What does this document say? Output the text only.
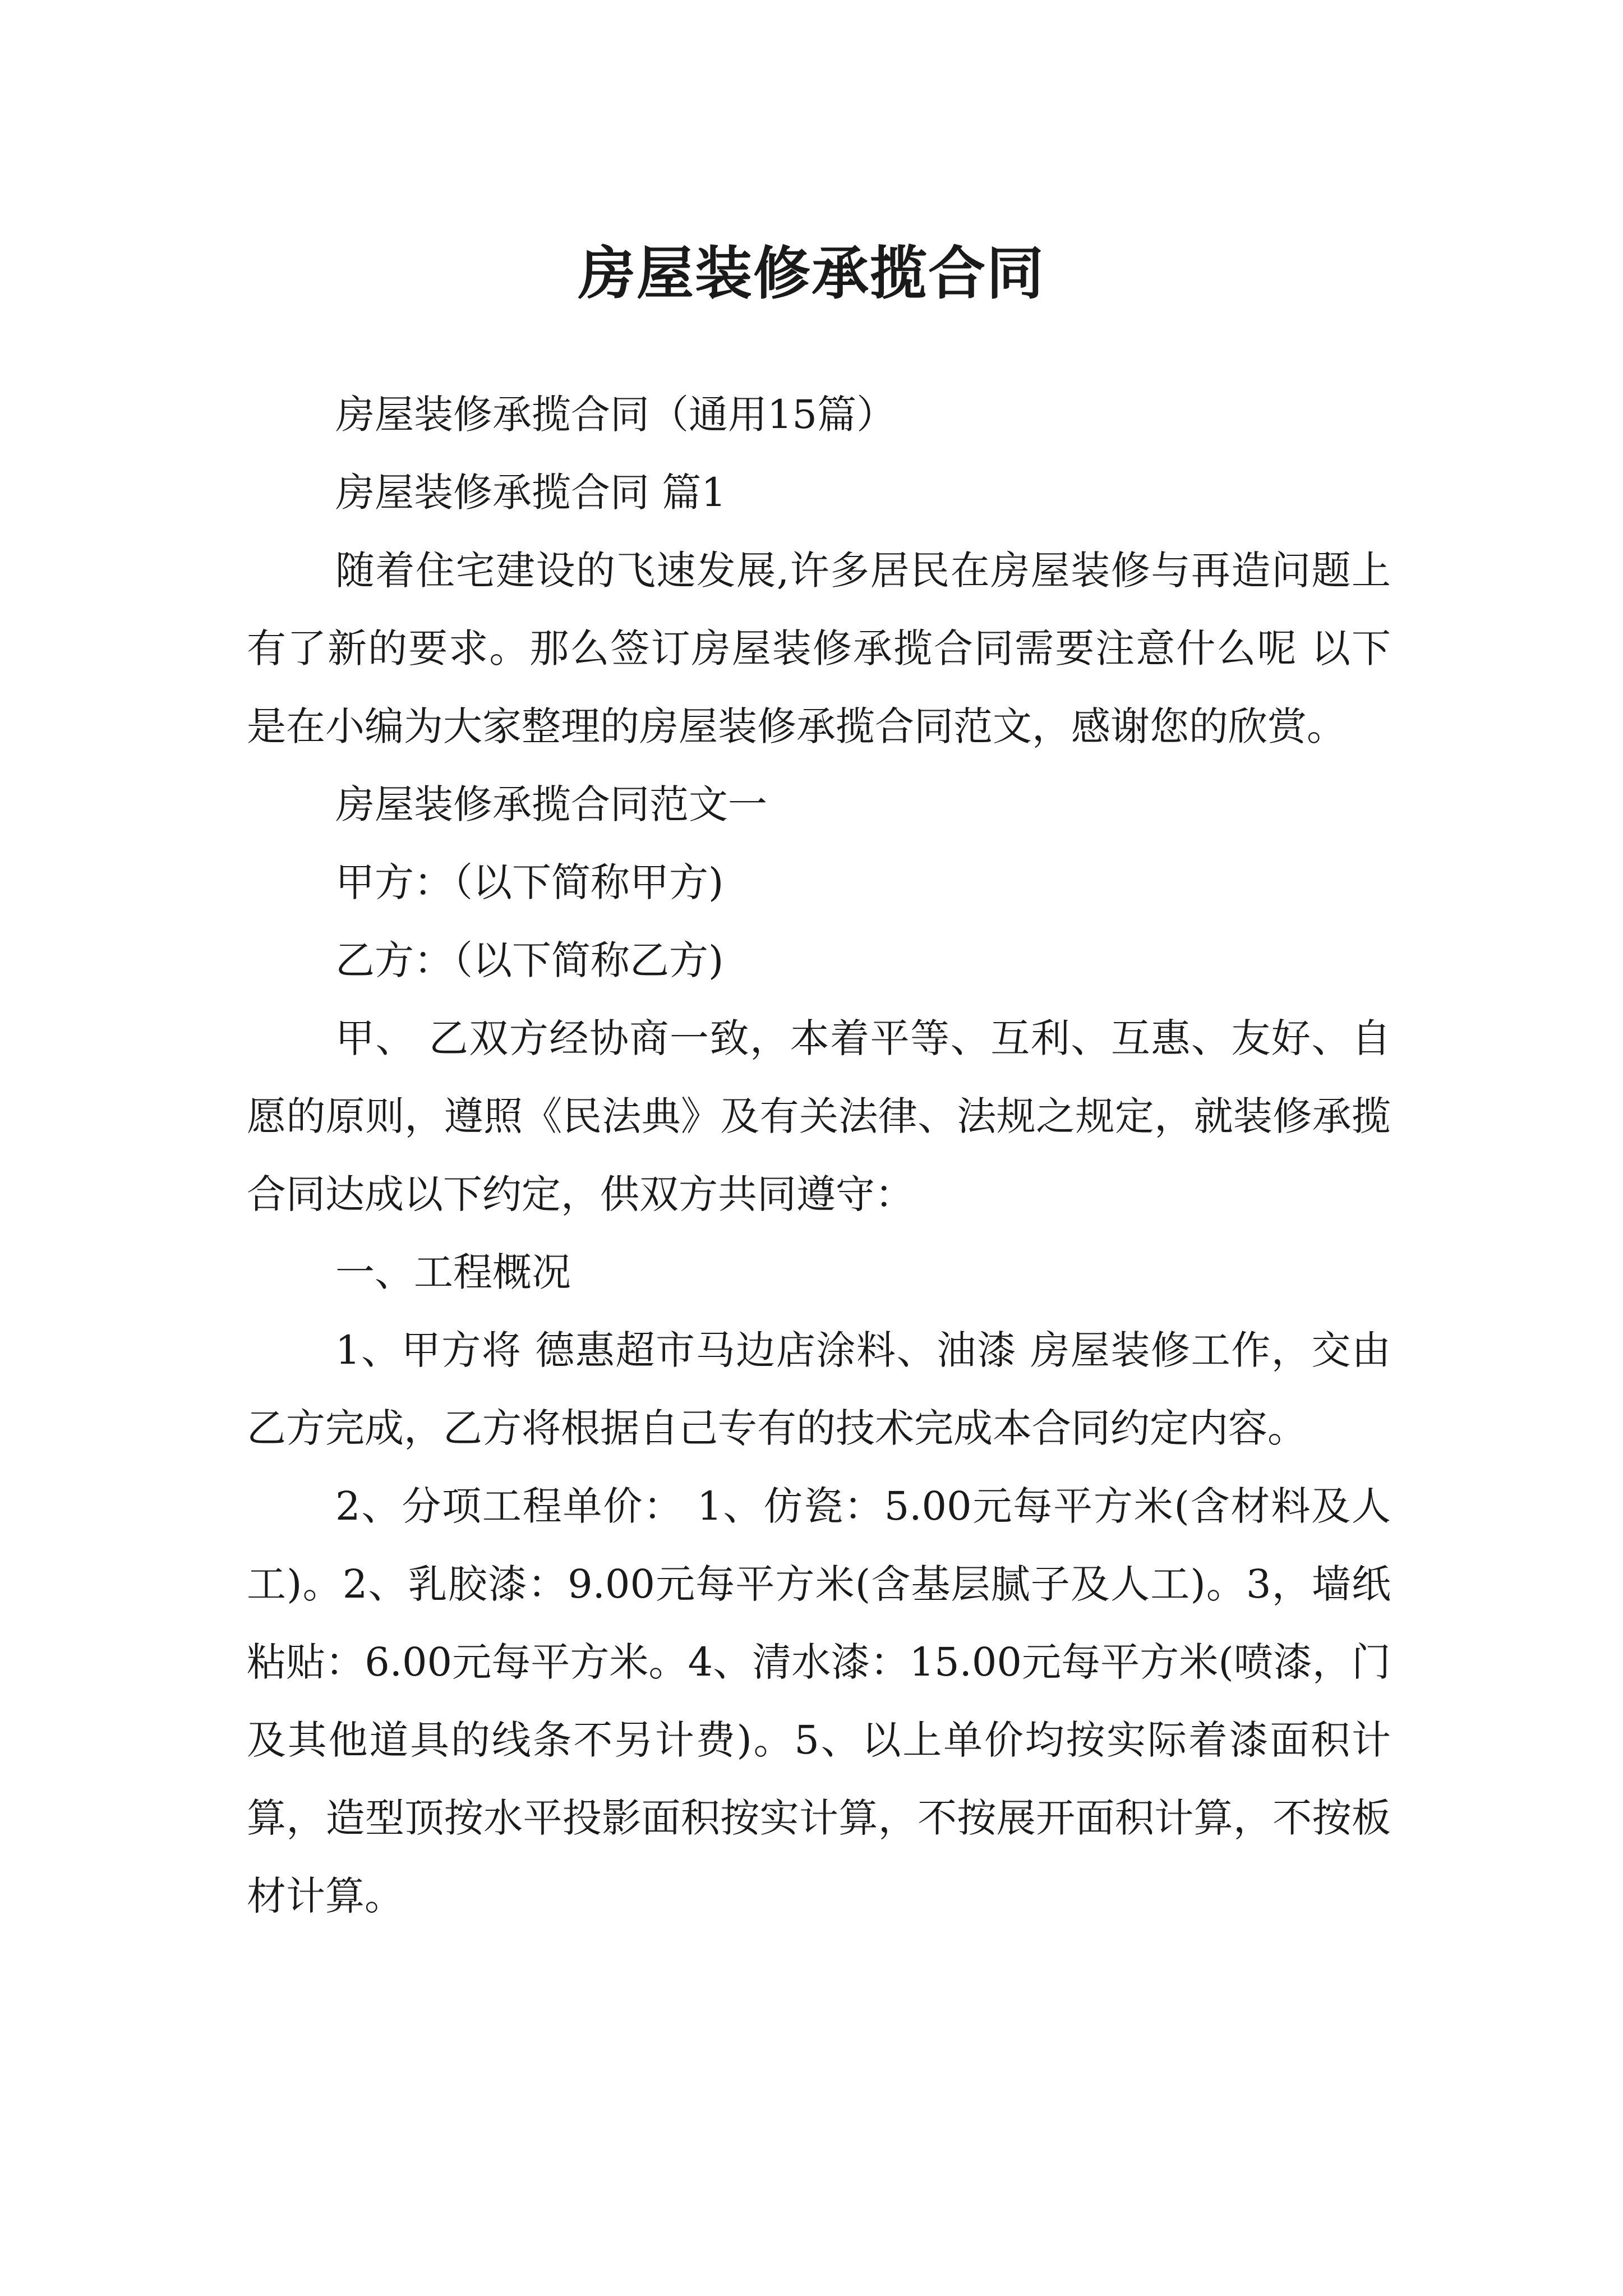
房屋装修承揽合同

房屋装修承揽合同（通用15篇）

房屋装修承揽合同 篇1

随着住宅建设的飞速发展,许多居民在房屋装修与再造问题上有了新的要求。那么签订房屋装修承揽合同需要注意什么呢 以下是在小编为大家整理的房屋装修承揽合同范文，感谢您的欣赏。

房屋装修承揽合同范文一

甲方：（以下简称甲方)

乙方：（以下简称乙方)

甲、 乙双方经协商一致，本着平等、互利、互惠、友好、自愿的原则，遵照《民法典》及有关法律、法规之规定，就装修承揽合同达成以下约定，供双方共同遵守：

一、工程概况

1、甲方将 德惠超市马边店涂料、油漆 房屋装修工作，交由乙方完成，乙方将根据自己专有的技术完成本合同约定内容。

2、分项工程单价： 1、仿瓷：5.00元每平方米(含材料及人工)。2、乳胶漆：9.00元每平方米(含基层腻子及人工)。3，墙纸粘贴：6.00元每平方米。4、清水漆：15.00元每平方米(喷漆，门及其他道具的线条不另计费)。5、以上单价均按实际着漆面积计算，造型顶按水平投影面积按实计算，不按展开面积计算，不按板材计算。
